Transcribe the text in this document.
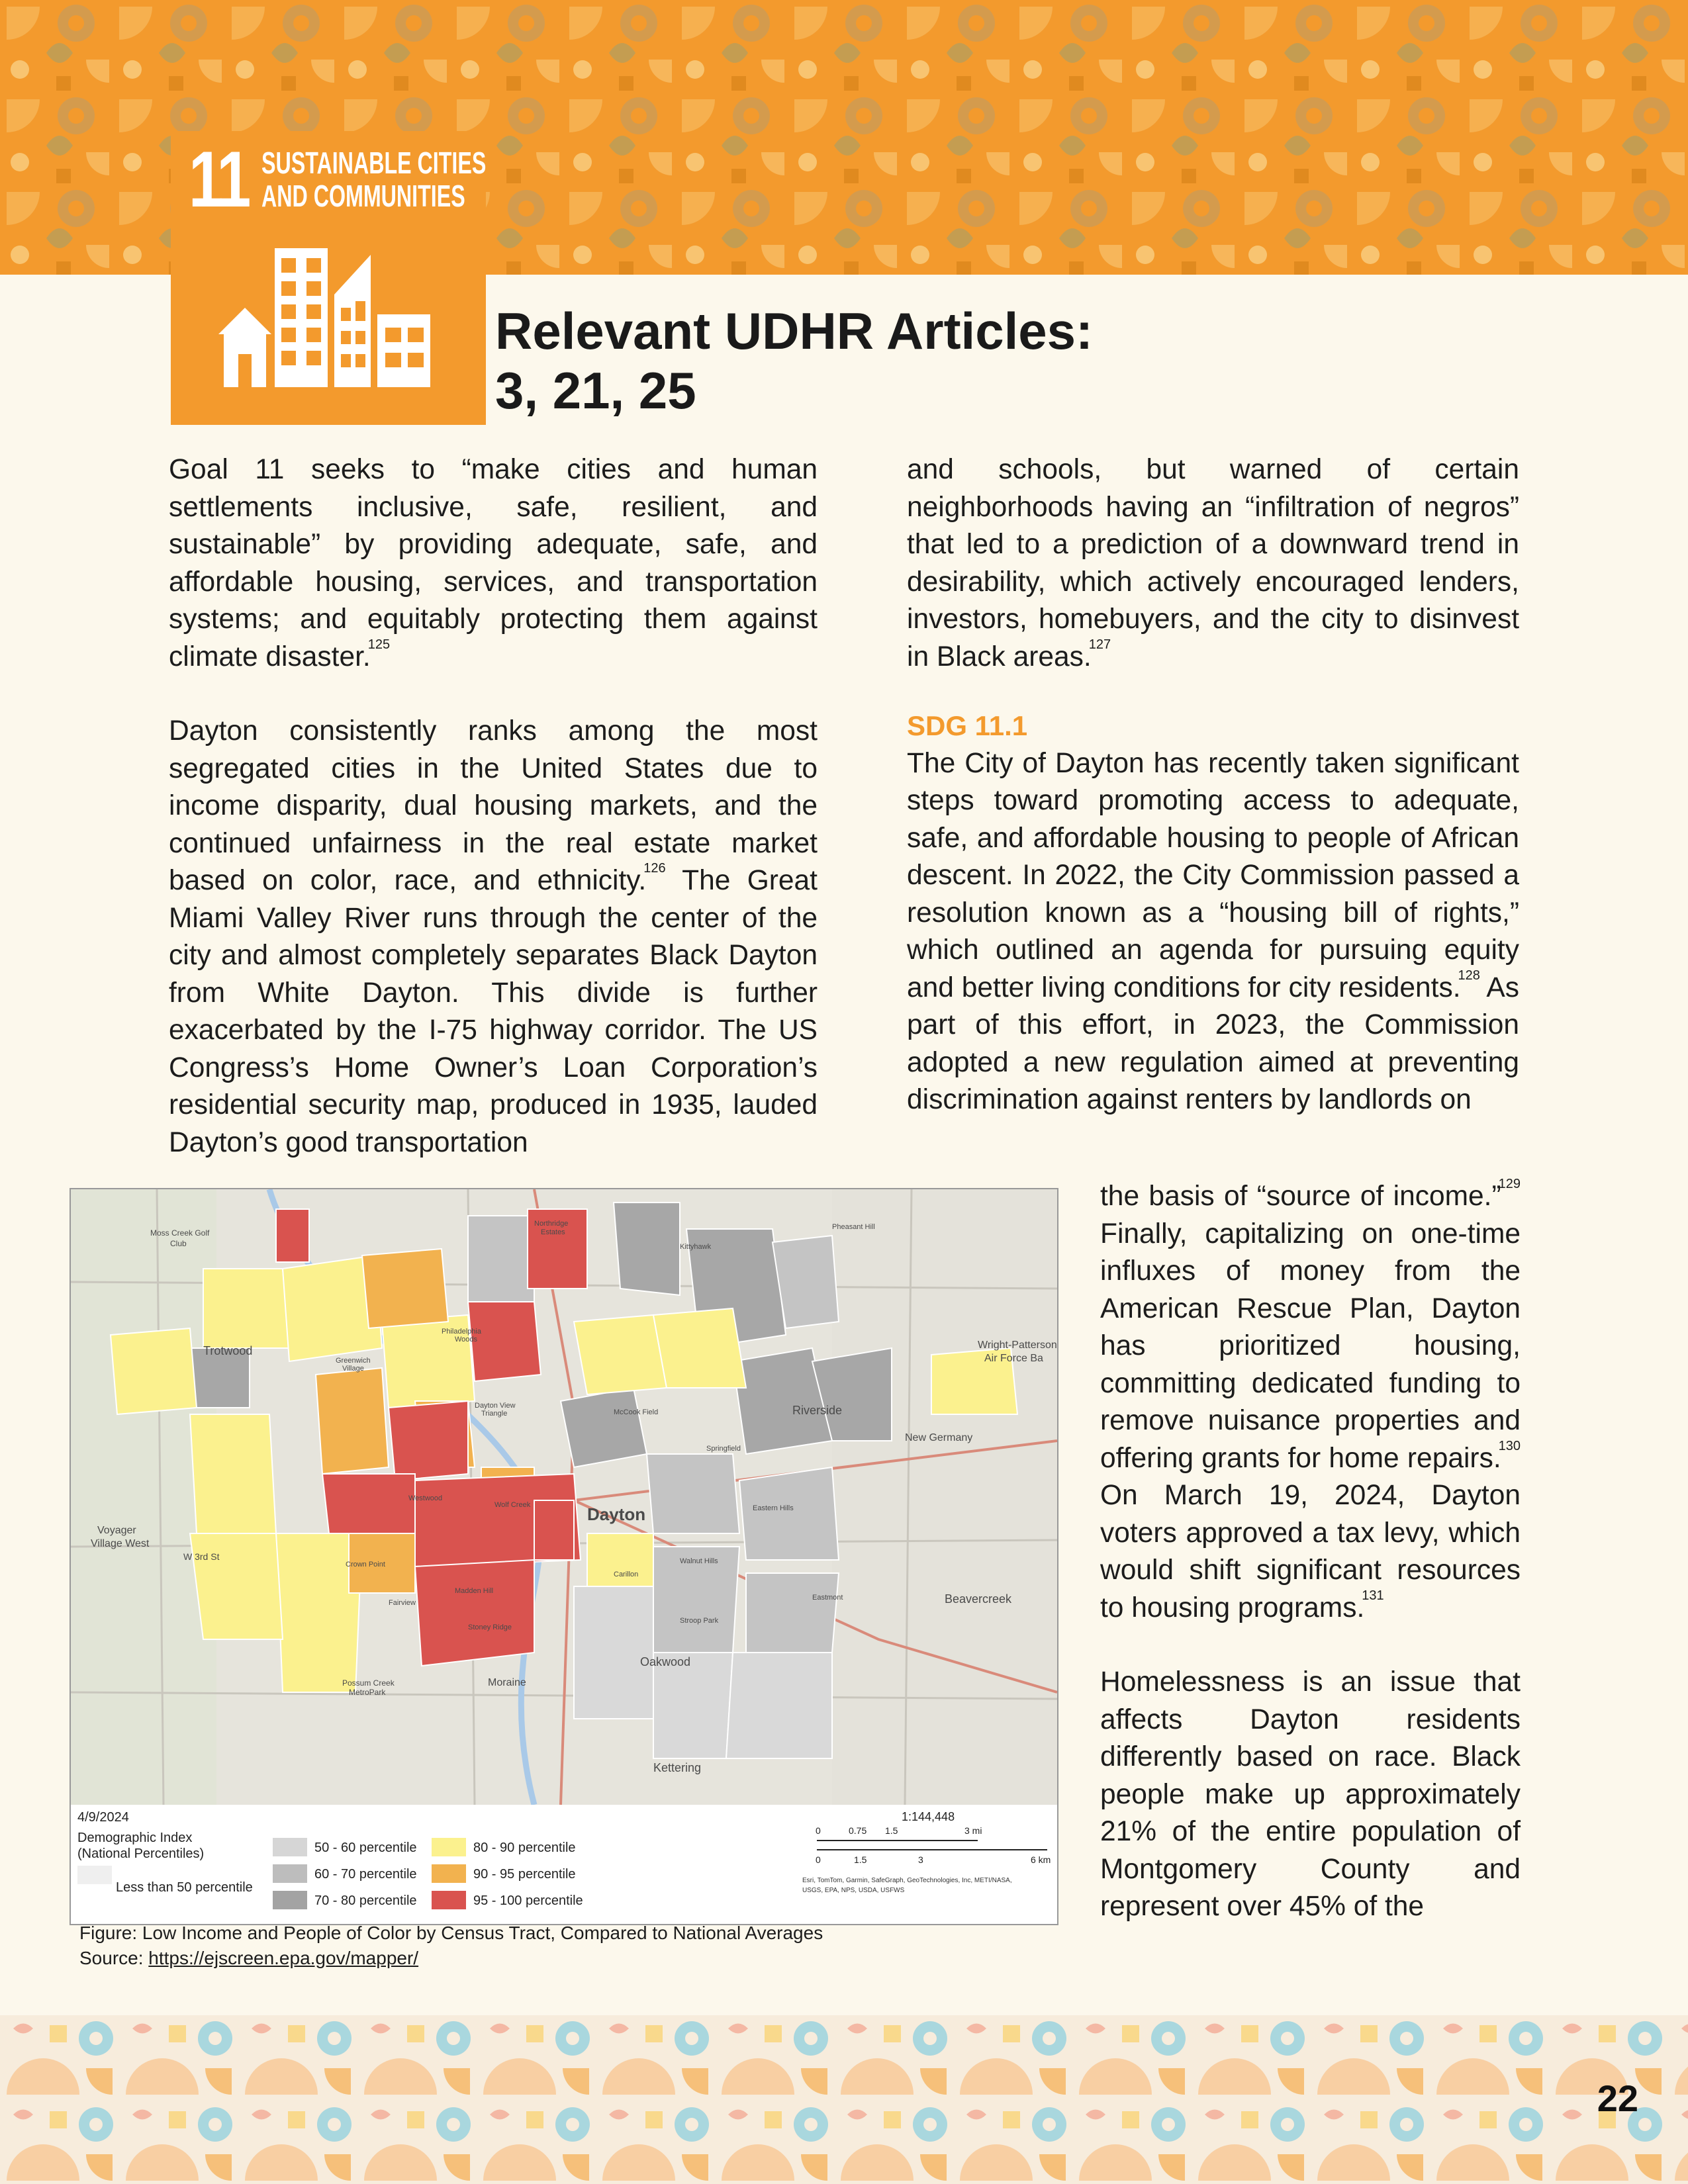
11 SUSTAINABLE CITIES
AND COMMUNITIES
Relevant UDHR Articles:
3, 21, 25

Goal 11 seeks to “make cities and human settlements inclusive, safe, resilient, and sustainable” by providing adequate, safe, and affordable housing, services, and transportation systems; and equitably protecting them against climate disaster.$^{125}$

Dayton consistently ranks among the most segregated cities in the United States due to income disparity, dual housing markets, and the continued unfairness in the real estate market based on color, race, and ethnicity.$^{126}$ The Great Miami Valley River runs through the center of the city and almost completely separates Black Dayton from White Dayton. This divide is further exacerbated by the I-75 highway corridor. The US Congress’s Home Owner’s Loan Corporation’s residential security map, produced in 1935, lauded Dayton’s good transportation

and schools, but warned of certain neighborhoods having an “infiltration of negros” that led to a prediction of a downward trend in desirability, which actively encouraged lenders, investors, homebuyers, and the city to disinvest in Black areas.$^{127}$

SDG 11.1

The City of Dayton has recently taken significant steps toward promoting access to adequate, safe, and affordable housing to people of African descent. In 2022, the City Commission passed a resolution known as a “housing bill of rights,” which outlined an agenda for pursuing equity and better living conditions for city residents.$^{128}$ As part of this effort, in 2023, the Commission adopted a new regulation aimed at preventing discrimination against renters by landlords on

the basis of “source of income.”$^{129}$ Finally, capitalizing on one-time influxes of money from the American Rescue Plan, Dayton has prioritized housing, committing dedicated funding to remove nuisance properties and offering grants for home repairs.$^{130}$ On March 19, 2024, Dayton voters approved a tax levy, which would shift significant resources to housing programs.$^{131}$

Homelessness is an issue that affects Dayton residents differently based on race. Black people make up approximately 21% of the entire population of Montgomery County and represent over 45% of the

Dayton
Trotwood
Riverside
New Germany
Beavercreek
Oakwood
Kettering
Moraine
Voyager
Village West
W 3rd St
Wright-Patterson
Air Force Ba
Moss Creek Golf
Club
Pheasant Hill
Northridge
Estates
Kittyhawk
Philadelphia
Woods
Greenwich
Village
Dayton View
Triangle	McCook Field
Springfield
Eastern Hills
Wolf Creek
Westwood
Madden Hill
Stoney Ridge
Crown Point
Fairview
Carillon
Walnut Hills
Stroop Park
Eastmont
Possum Creek
MetroPark
4/9/2024
Demographic Index
(National Percentiles)
Less than 50 percentile
50 - 60 percentile
60 - 70 percentile
70 - 80 percentile
80 - 90 percentile
90 - 95 percentile
95 - 100 percentile
1:144,448
0	0.75 1.5	3 mi
0	1.5	3	6 km
Esri, TomTom, Garmin, SafeGraph, GeoTechnologies, Inc, METI/NASA,
USGS, EPA, NPS, USDA, USFWS
Figure: Low Income and People of Color by Census Tract, Compared to National Averages
Source: https://ejscreen.epa.gov/mapper/
22
